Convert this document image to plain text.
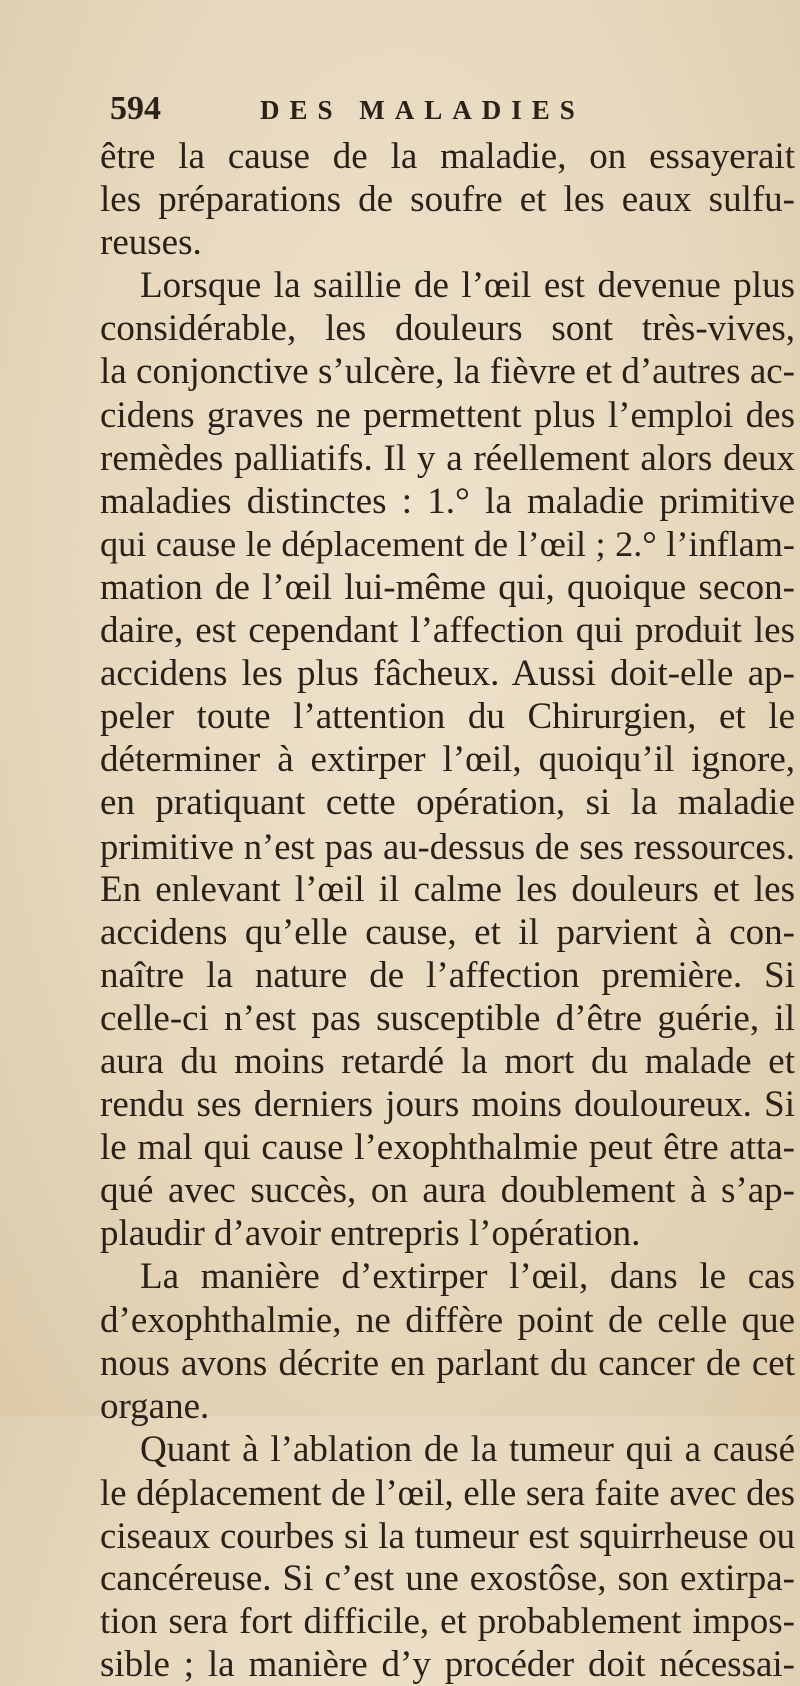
594	DES MALADIES
être la cause de la maladie, on essayerait
les préparations de soufre et les eaux sulfu-
reuses.
Lorsque la saillie de l’œil est devenue plus
considérable, les douleurs sont très-vives,
la conjonctive s’ulcère, la fièvre et d’autres ac-
cidens graves ne permettent plus l’emploi des
remèdes palliatifs. Il y a réellement alors deux
maladies distinctes : 1.° la maladie primitive
qui cause le déplacement de l’œil ; 2.° l’inflam-
mation de l’œil lui-même qui, quoique secon-
daire, est cependant l’affection qui produit les
accidens les plus fâcheux. Aussi doit-elle ap-
peler toute l’attention du Chirurgien, et le
déterminer à extirper l’œil, quoiqu’il ignore,
en pratiquant cette opération, si la maladie
primitive n’est pas au-dessus de ses ressources.
En enlevant l’œil il calme les douleurs et les
accidens qu’elle cause, et il parvient à con-
naître la nature de l’affection première. Si
celle-ci n’est pas susceptible d’être guérie, il
aura du moins retardé la mort du malade et
rendu ses derniers jours moins douloureux. Si
le mal qui cause l’exophthalmie peut être atta-
qué avec succès, on aura doublement à s’ap-
plaudir d’avoir entrepris l’opération.
La manière d’extirper l’œil, dans le cas
d’exophthalmie, ne diffère point de celle que
nous avons décrite en parlant du cancer de cet
organe.
Quant à l’ablation de la tumeur qui a causé
le déplacement de l’œil, elle sera faite avec des
ciseaux courbes si la tumeur est squirrheuse ou
cancéreuse. Si c’est une exostôse, son extirpa-
tion sera fort difficile, et probablement impos-
sible ; la manière d’y procéder doit nécessai-
